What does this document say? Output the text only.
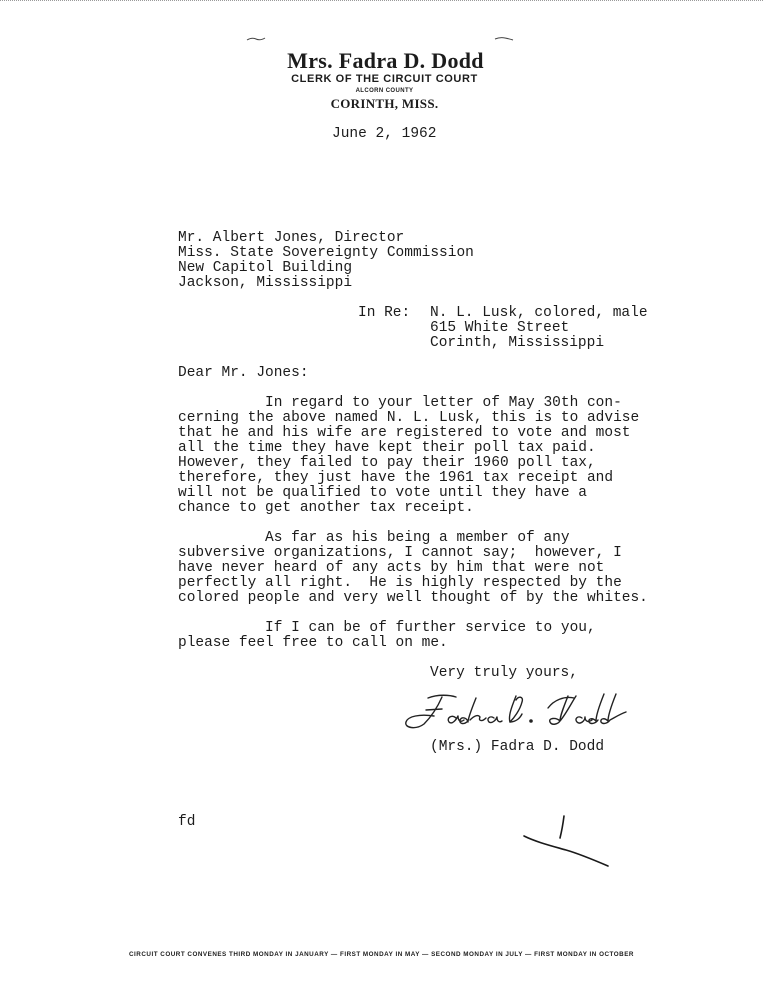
Mrs. Fadra D. Dodd
CLERK OF THE CIRCUIT COURT
ALCORN COUNTY
CORINTH, MISS.
June 2, 1962
Mr. Albert Jones, Director
Miss. State Sovereignty Commission
New Capitol Building
Jackson, Mississippi
In Re: N. L. Lusk, colored, male
615 White Street
Corinth, Mississippi
Dear Mr. Jones:
In regard to your letter of May 30th con-
cerning the above named N. L. Lusk, this is to advise
that he and his wife are registered to vote and most
all the time they have kept their poll tax paid.
However, they failed to pay their 1960 poll tax,
therefore, they just have the 1961 tax receipt and
will not be qualified to vote until they have a
chance to get another tax receipt.
As far as his being a member of any
subversive organizations, I cannot say;  however, I
have never heard of any acts by him that were not
perfectly all right.  He is highly respected by the
colored people and very well thought of by the whites.
If I can be of further service to you,
please feel free to call on me.
Very truly yours,
(Mrs.) Fadra D. Dodd
fd
CIRCUIT COURT CONVENES THIRD MONDAY IN JANUARY — FIRST MONDAY IN MAY — SECOND MONDAY IN JULY — FIRST MONDAY IN OCTOBER
